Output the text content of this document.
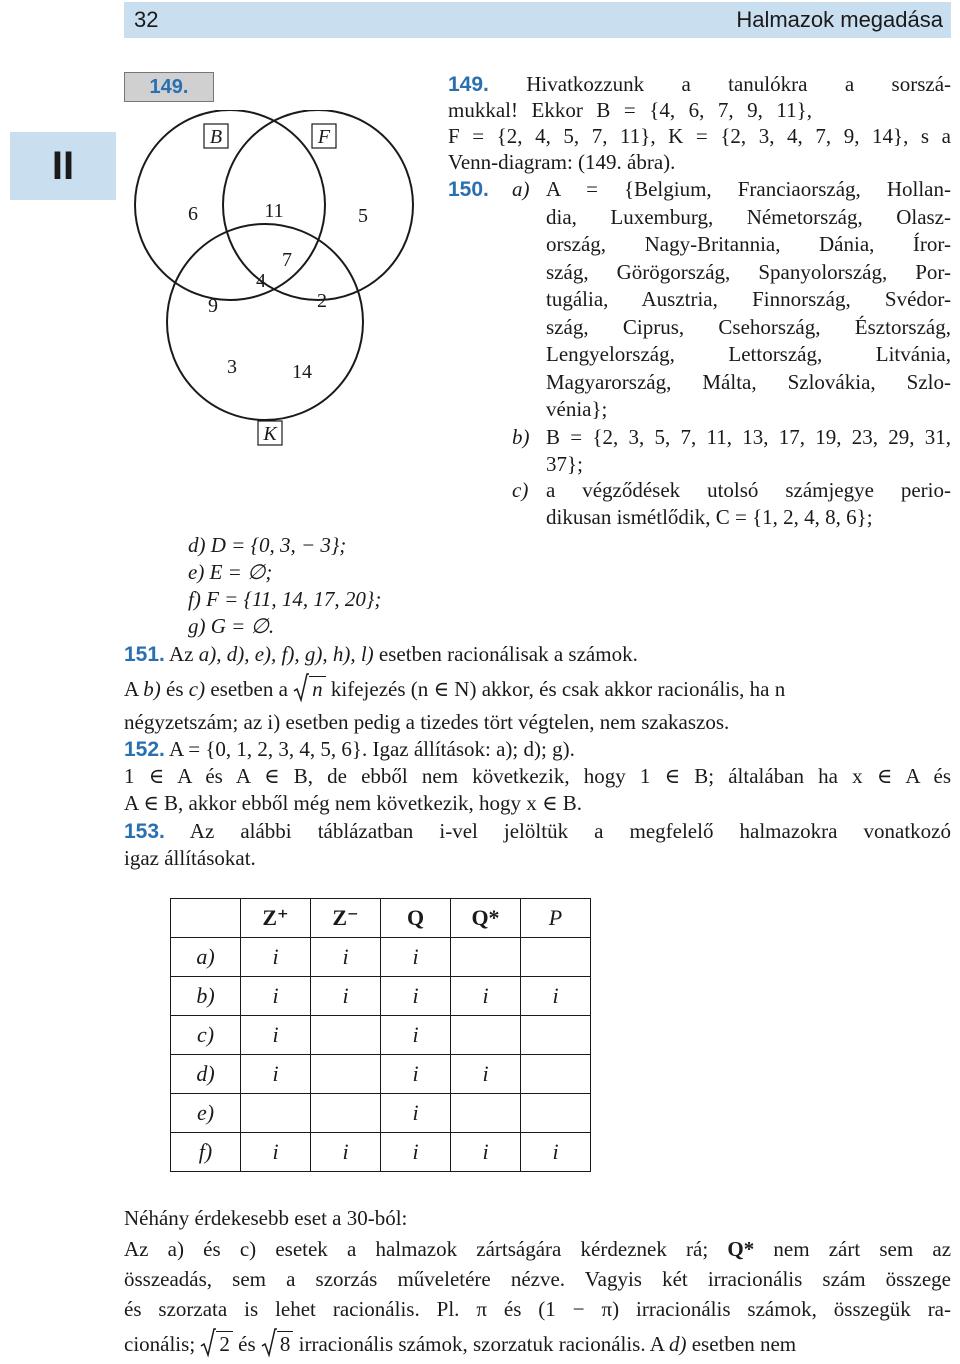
32	Halmazok megadása
II
149.
B	F
K
6	11	5
7
4
9	2
3	14
149. Hivatkozzunk a tanulókra a sorszá-
mukkal! Ekkor B = {4, 6, 7, 9, 11},
F = {2, 4, 5, 7, 11}, K = {2, 3, 4, 7, 9, 14}, s a
Venn-diagram: (149. ábra).
150. a) A = {Belgium, Franciaország, Hollan-
dia, Luxemburg, Németország, Olasz-
ország, Nagy-Britannia, Dánia, Íror-
szág, Görögország, Spanyolország, Por-
tugália, Ausztria, Finnország, Svédor-
szág, Ciprus, Csehország, Észtország,
Lengyelország, Lettország, Litvánia,
Magyarország, Málta, Szlovákia, Szlo-
vénia};
b) B = {2, 3, 5, 7, 11, 13, 17, 19, 23, 29, 31,
37};
c) a végződések utolsó számjegye perio-
dikusan ismétlődik, C = {1, 2, 4, 8, 6};
d) D = {0, 3, − 3};
e) E = ∅;
f) F = {11, 14, 17, 20};
g) G = ∅.
151. Az a), d), e), f), g), h), l) esetben racionálisak a számok.
A b) és c) esetben a n kifejezés (n ∈ N) akkor, és csak akkor racionális, ha n
négyzetszám; az i) esetben pedig a tizedes tört végtelen, nem szakaszos.
152. A = {0, 1, 2, 3, 4, 5, 6}. Igaz állítások: a); d); g).
1 ∈ A és A ∈ B, de ebből nem következik, hogy 1 ∈ B; általában ha x ∈ A és
A ∈ B, akkor ebből még nem következik, hogy x ∈ B.
153. Az alábbi táblázatban i-vel jelöltük a megfelelő halmazokra vonatkozó
igaz állításokat.
	Z⁺	Z⁻	Q	Q*	P
a)	i	i	i		
b)	i	i	i	i	i
c)	i		i		
d)	i		i	i	
e)			i		
f)	i	i	i	i	i
Néhány érdekesebb eset a 30-ból:
Az a) és c) esetek a halmazok zártságára kérdeznek rá; Q* nem zárt sem az
összeadás, sem a szorzás műveletére nézve. Vagyis két irracionális szám összege
és szorzata is lehet racionális. Pl. π és (1 − π) irracionális számok, összegük ra-
cionális; 2 és 8 irracionális számok, szorzatuk racionális. A d) esetben nem
